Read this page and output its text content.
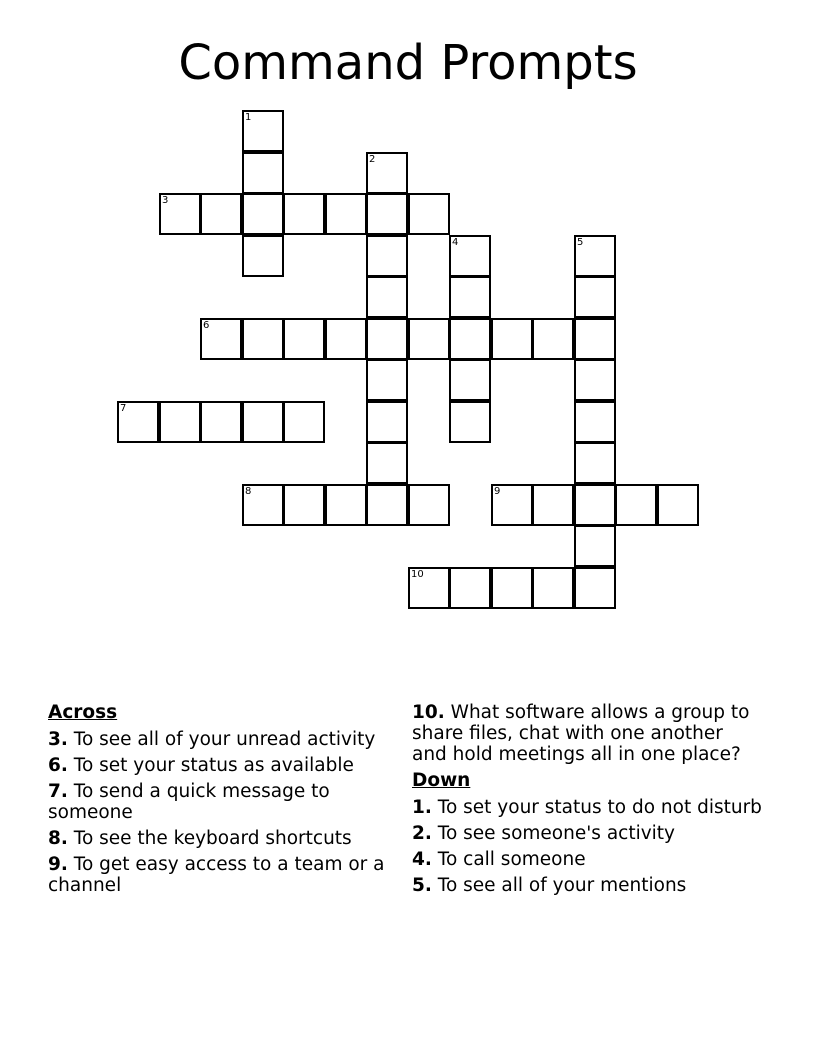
Command Prompts
1
2
3
4	5
6
7
8	9
10
Across
3. To see all of your unread activity
6. To set your status as available
7. To send a quick message to someone
8. To see the keyboard shortcuts
9. To get easy access to a team or a channel
10. What software allows a group to share files, chat with one another and hold meetings all in one place?
Down
1. To set your status to do not disturb
2. To see someone's activity
4. To call someone
5. To see all of your mentions
